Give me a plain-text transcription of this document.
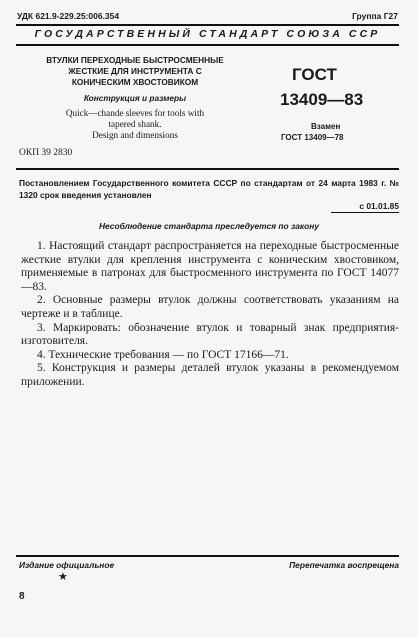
УДК 621.9-229.25:006.354	Группа Г27
ГОСУДАРСТВЕННЫЙ СТАНДАРТ СОЮЗА ССР
ВТУЛКИ ПЕРЕХОДНЫЕ БЫСТРОСМЕННЫЕ ЖЕСТКИЕ ДЛЯ ИНСТРУМЕНТА С КОНИЧЕСКИМ ХВОСТОВИКОМ
Конструкция и размеры
Quick—chande sleeves for tools with
tapered shank.
Design and dimensions
ГОСТ
13409—83
Взамен
ГОСТ 13409—78
ОКП 39 2830
Постановлением Государственного комитета СССР по стандартам от 24 марта 1983 г. № 1320 срок введения установлен
с 01.01.85
Несоблюдение стандарта преследуется по закону

1. Настоящий стандарт распространяется на переходные быстросменные жесткие втулки для крепления инструмента с коническим хвостовиком, применяемые в патронах для быстросменного инструмента по ГОСТ 14077—83.

2. Основные размеры втулок должны соответствовать указаниям на чертеже и в таблице.

3. Маркировать: обозначение втулок и товарный знак предприятия-изготовителя.

4. Технические требования — по ГОСТ 17166—71.

5. Конструкция и размеры деталей втулок указаны в рекомендуемом приложении.

Издание официальное	Перепечатка воспрещена
★
8
